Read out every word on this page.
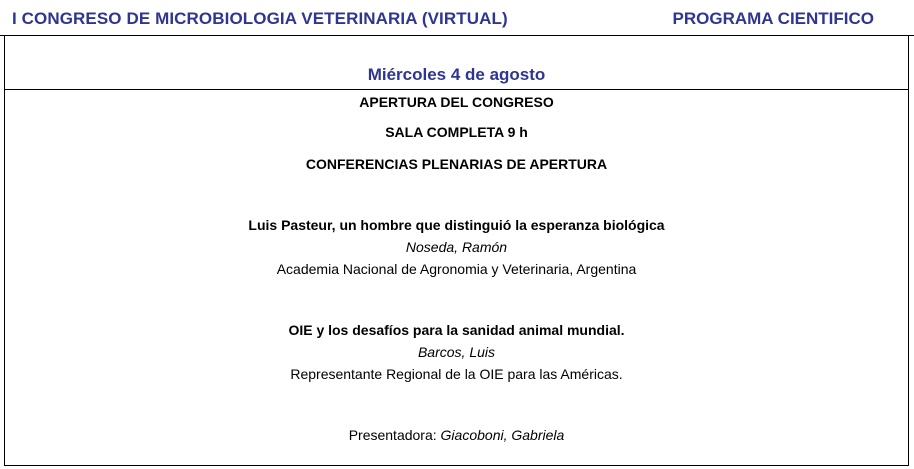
I CONGRESO DE MICROBIOLOGIA VETERINARIA (VIRTUAL)	PROGRAMA CIENTIFICO
Miércoles 4 de agosto
APERTURA DEL CONGRESO
SALA COMPLETA 9 h
CONFERENCIAS PLENARIAS DE APERTURA
Luis Pasteur, un hombre que distinguió la esperanza biológica
Noseda, Ramón
Academia Nacional de Agronomia y Veterinaria, Argentina
OIE y los desafíos para la sanidad animal mundial.
Barcos, Luis
Representante Regional de la OIE para las Américas.
Presentadora: Giacoboni, Gabriela
